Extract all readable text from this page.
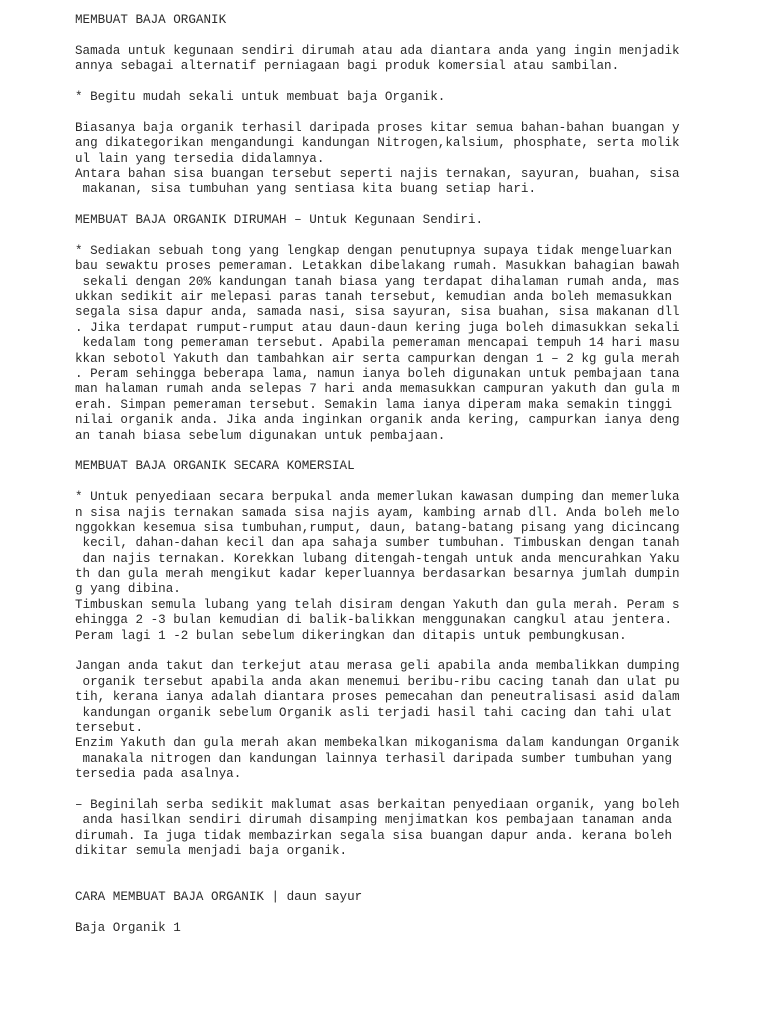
MEMBUAT BAJA ORGANIK
Samada untuk kegunaan sendiri dirumah atau ada diantara anda yang ingin menjadik
annya sebagai alternatif perniagaan bagi produk komersial atau sambilan.
* Begitu mudah sekali untuk membuat baja Organik.
Biasanya baja organik terhasil daripada proses kitar semua bahan-bahan buangan y
ang dikategorikan mengandungi kandungan Nitrogen,kalsium, phosphate, serta molik
ul lain yang tersedia didalamnya.
Antara bahan sisa buangan tersebut seperti najis ternakan, sayuran, buahan, sisa
makanan, sisa tumbuhan yang sentiasa kita buang setiap hari.
MEMBUAT BAJA ORGANIK DIRUMAH – Untuk Kegunaan Sendiri.
* Sediakan sebuah tong yang lengkap dengan penutupnya supaya tidak mengeluarkan
bau sewaktu proses pemeraman. Letakkan dibelakang rumah. Masukkan bahagian bawah
sekali dengan 20% kandungan tanah biasa yang terdapat dihalaman rumah anda, mas
ukkan sedikit air melepasi paras tanah tersebut, kemudian anda boleh memasukkan
segala sisa dapur anda, samada nasi, sisa sayuran, sisa buahan, sisa makanan dll
. Jika terdapat rumput-rumput atau daun-daun kering juga boleh dimasukkan sekali
kedalam tong pemeraman tersebut. Apabila pemeraman mencapai tempuh 14 hari masu
kkan sebotol Yakuth dan tambahkan air serta campurkan dengan 1 – 2 kg gula merah
. Peram sehingga beberapa lama, namun ianya boleh digunakan untuk pembajaan tana
man halaman rumah anda selepas 7 hari anda memasukkan campuran yakuth dan gula m
erah. Simpan pemeraman tersebut. Semakin lama ianya diperam maka semakin tinggi
nilai organik anda. Jika anda inginkan organik anda kering, campurkan ianya deng
an tanah biasa sebelum digunakan untuk pembajaan.
MEMBUAT BAJA ORGANIK SECARA KOMERSIAL
* Untuk penyediaan secara berpukal anda memerlukan kawasan dumping dan memerluka
n sisa najis ternakan samada sisa najis ayam, kambing arnab dll. Anda boleh melo
nggokkan kesemua sisa tumbuhan,rumput, daun, batang-batang pisang yang dicincang
kecil, dahan-dahan kecil dan apa sahaja sumber tumbuhan. Timbuskan dengan tanah
dan najis ternakan. Korekkan lubang ditengah-tengah untuk anda mencurahkan Yaku
th dan gula merah mengikut kadar keperluannya berdasarkan besarnya jumlah dumpin
g yang dibina.
Timbuskan semula lubang yang telah disiram dengan Yakuth dan gula merah. Peram s
ehingga 2 -3 bulan kemudian di balik-balikkan menggunakan cangkul atau jentera.
Peram lagi 1 -2 bulan sebelum dikeringkan dan ditapis untuk pembungkusan.
Jangan anda takut dan terkejut atau merasa geli apabila anda membalikkan dumping
organik tersebut apabila anda akan menemui beribu-ribu cacing tanah dan ulat pu
tih, kerana ianya adalah diantara proses pemecahan dan peneutralisasi asid dalam
kandungan organik sebelum Organik asli terjadi hasil tahi cacing dan tahi ulat
tersebut.
Enzim Yakuth dan gula merah akan membekalkan mikoganisma dalam kandungan Organik
manakala nitrogen dan kandungan lainnya terhasil daripada sumber tumbuhan yang
tersedia pada asalnya.
– Beginilah serba sedikit maklumat asas berkaitan penyediaan organik, yang boleh
anda hasilkan sendiri dirumah disamping menjimatkan kos pembajaan tanaman anda
dirumah. Ia juga tidak membazirkan segala sisa buangan dapur anda. kerana boleh
dikitar semula menjadi baja organik.
CARA MEMBUAT BAJA ORGANIK | daun sayur
Baja Organik 1
